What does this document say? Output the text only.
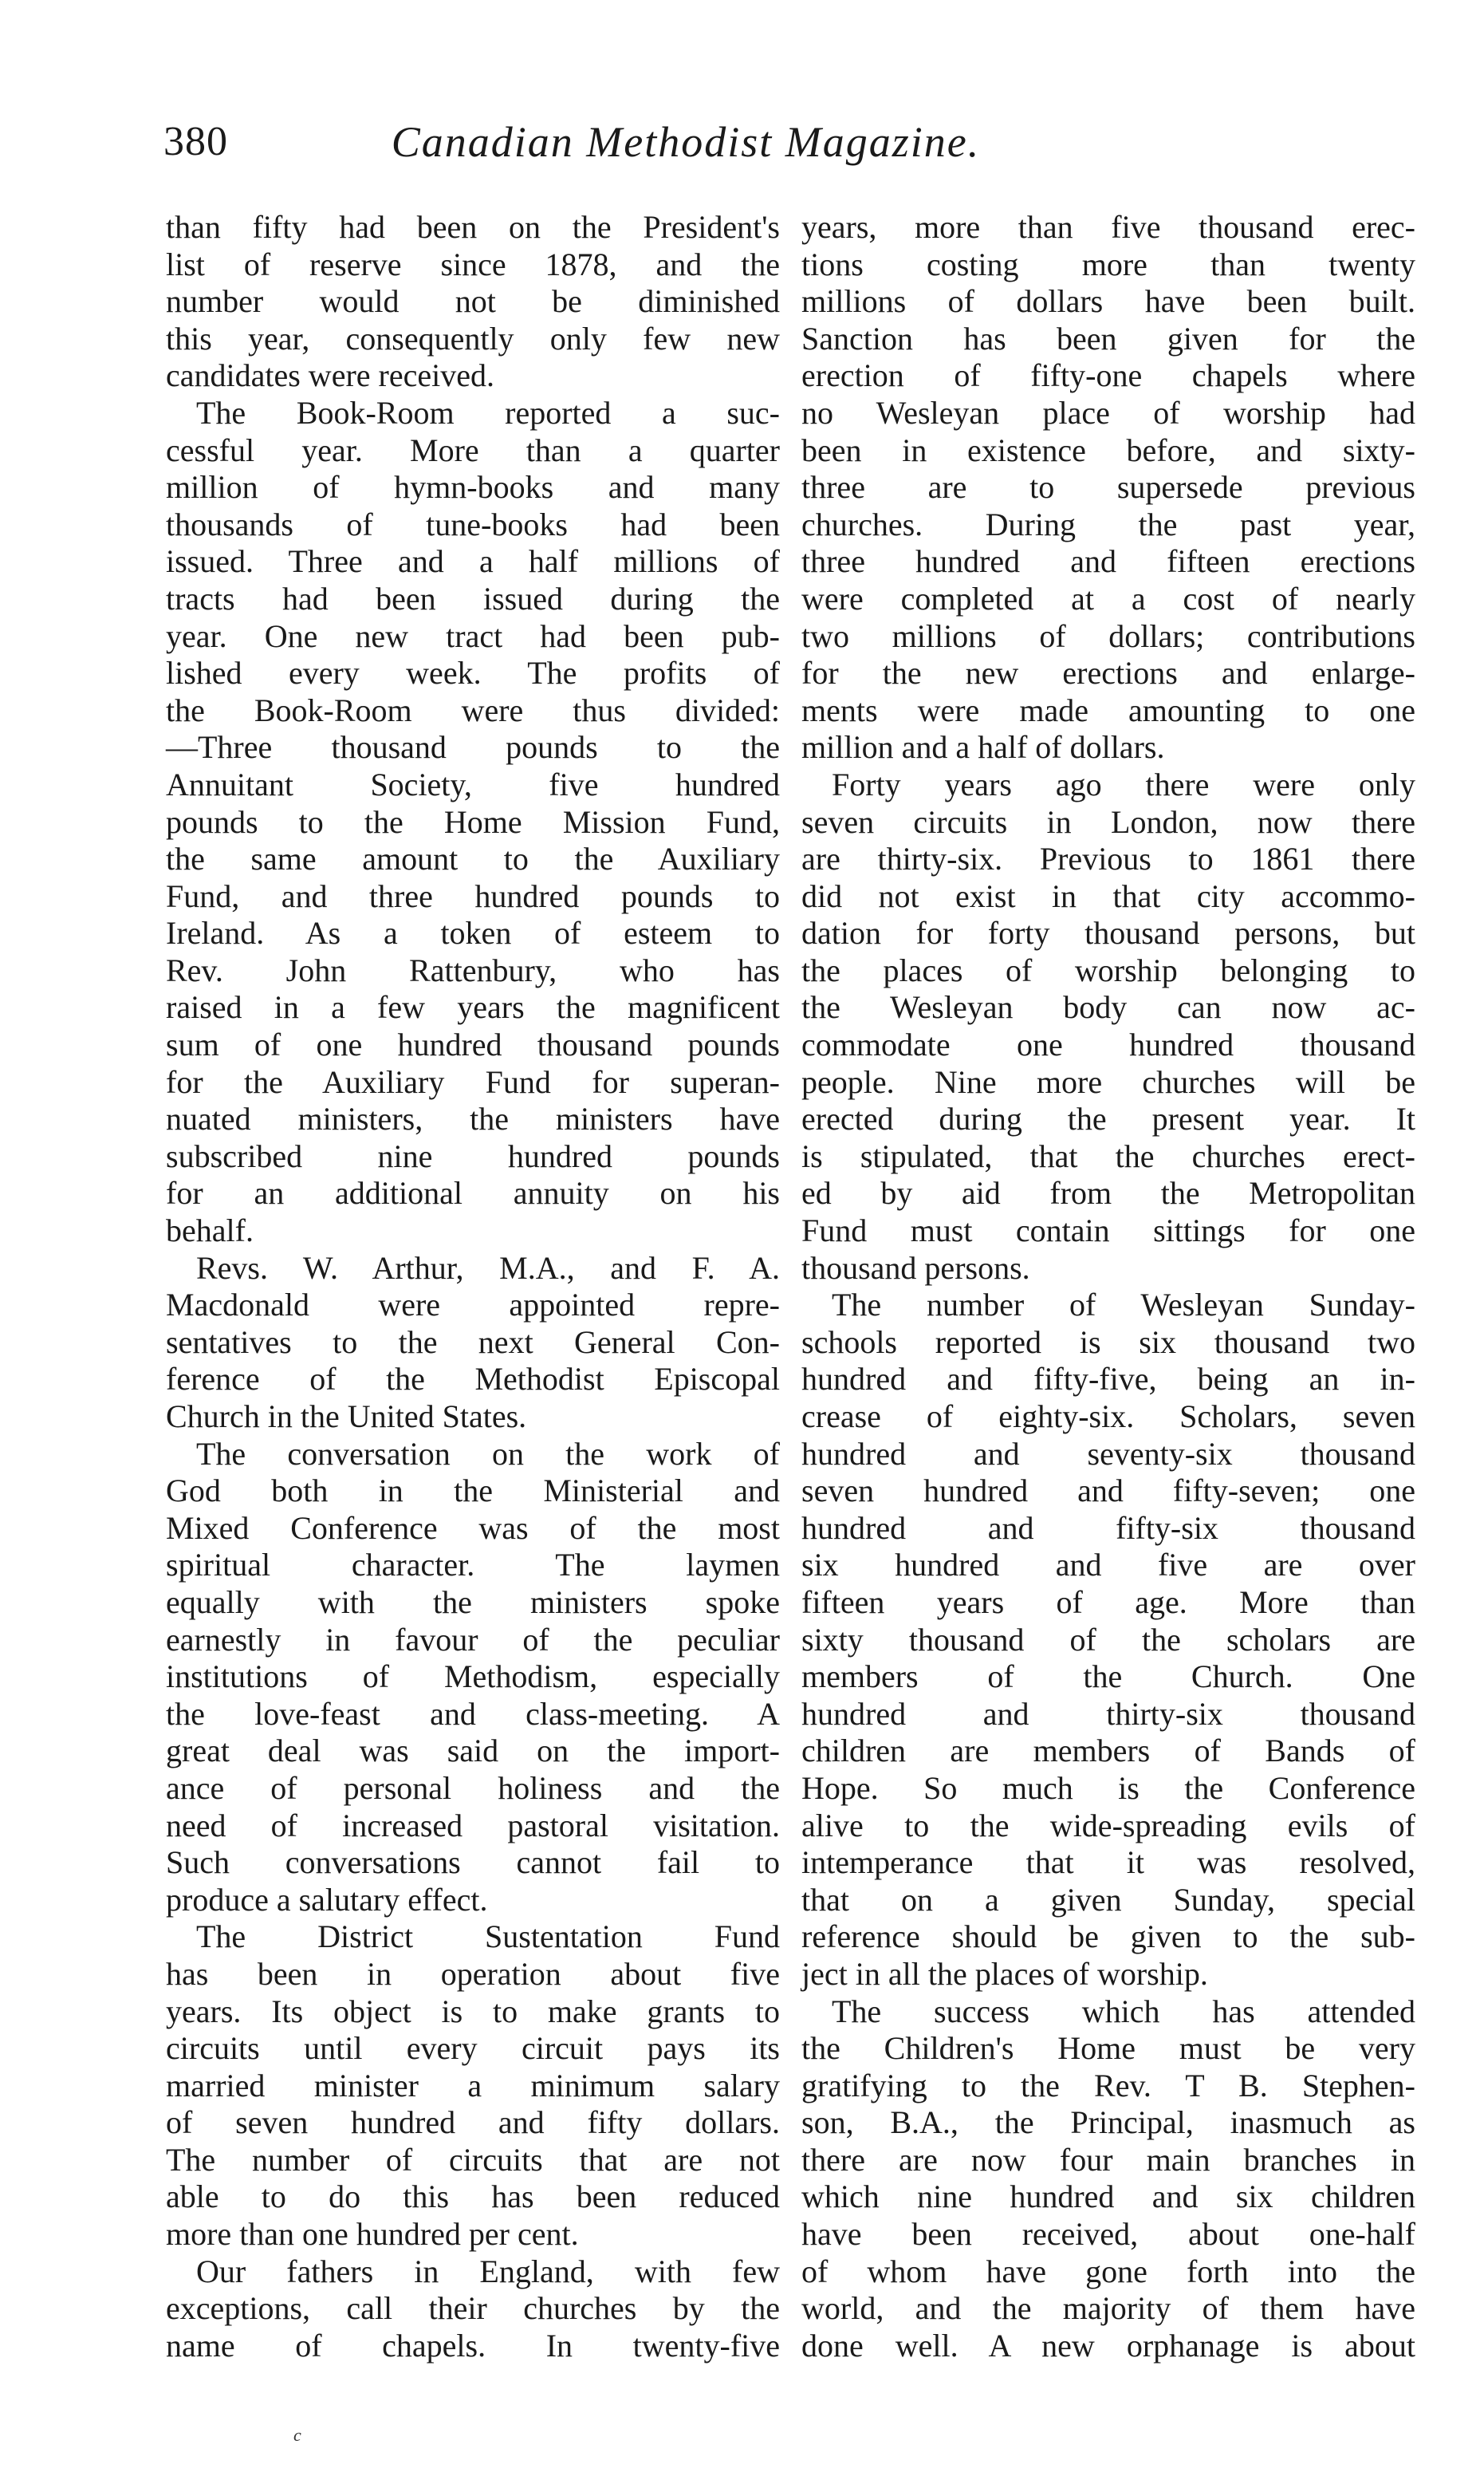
380	Canadian Methodist Magazine.
than fifty had been on the President's
list of reserve since 1878, and the
number would not be diminished
this year, consequently only few new
candidates were received.
The Book-Room reported a suc-
cessful year. More than a quarter
million of hymn-books and many
thousands of tune-books had been
issued. Three and a half millions of
tracts had been issued during the
year. One new tract had been pub-
lished every week. The profits of
the Book-Room were thus divided:
—Three thousand pounds to the
Annuitant Society, five hundred
pounds to the Home Mission Fund,
the same amount to the Auxiliary
Fund, and three hundred pounds to
Ireland. As a token of esteem to
Rev. John Rattenbury, who has
raised in a few years the magnificent
sum of one hundred thousand pounds
for the Auxiliary Fund for superan-
nuated ministers, the ministers have
subscribed nine hundred pounds
for an additional annuity on his
behalf.
Revs. W. Arthur, M.A., and F. A.
Macdonald were appointed repre-
sentatives to the next General Con-
ference of the Methodist Episcopal
Church in the United States.
The conversation on the work of
God both in the Ministerial and
Mixed Conference was of the most
spiritual character. The laymen
equally with the ministers spoke
earnestly in favour of the peculiar
institutions of Methodism, especially
the love-feast and class-meeting. A
great deal was said on the import-
ance of personal holiness and the
need of increased pastoral visitation.
Such conversations cannot fail to
produce a salutary effect.
The District Sustentation Fund
has been in operation about five
years. Its object is to make grants to
circuits until every circuit pays its
married minister a minimum salary
of seven hundred and fifty dollars.
The number of circuits that are not
able to do this has been reduced
more than one hundred per cent.
Our fathers in England, with few
exceptions, call their churches by the
name of chapels. In twenty-five
years, more than five thousand erec-
tions costing more than twenty
millions of dollars have been built.
Sanction has been given for the
erection of fifty-one chapels where
no Wesleyan place of worship had
been in existence before, and sixty-
three are to supersede previous
churches. During the past year,
three hundred and fifteen erections
were completed at a cost of nearly
two millions of dollars; contributions
for the new erections and enlarge-
ments were made amounting to one
million and a half of dollars.
Forty years ago there were only
seven circuits in London, now there
are thirty-six. Previous to 1861 there
did not exist in that city accommo-
dation for forty thousand persons, but
the places of worship belonging to
the Wesleyan body can now ac-
commodate one hundred thousand
people. Nine more churches will be
erected during the present year. It
is stipulated, that the churches erect-
ed by aid from the Metropolitan
Fund must contain sittings for one
thousand persons.
The number of Wesleyan Sunday-
schools reported is six thousand two
hundred and fifty-five, being an in-
crease of eighty-six. Scholars, seven
hundred and seventy-six thousand
seven hundred and fifty-seven; one
hundred and fifty-six thousand
six hundred and five are over
fifteen years of age. More than
sixty thousand of the scholars are
members of the Church. One
hundred and thirty-six thousand
children are members of Bands of
Hope. So much is the Conference
alive to the wide-spreading evils of
intemperance that it was resolved,
that on a given Sunday, special
reference should be given to the sub-
ject in all the places of worship.
The success which has attended
the Children's Home must be very
gratifying to the Rev. T B. Stephen-
son, B.A., the Principal, inasmuch as
there are now four main branches in
which nine hundred and six children
have been received, about one-half
of whom have gone forth into the
world, and the majority of them have
done well. A new orphanage is about
c
